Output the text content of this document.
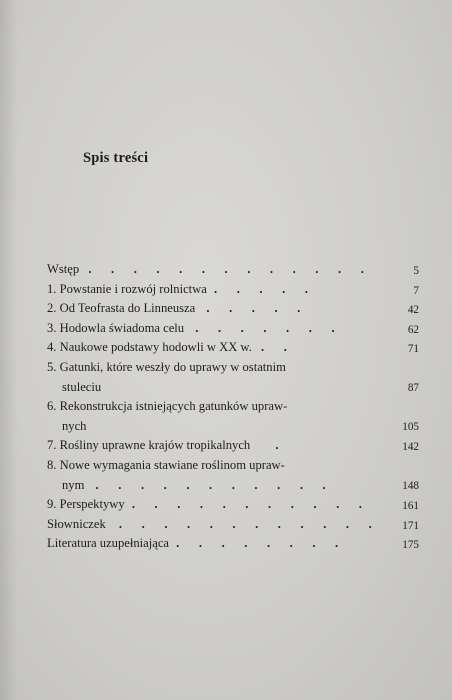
Spis treści
Wstęp . . . . . . . . . . . . .	5
1. Powstanie i rozwój rolnictwa . . . . .	7
2. Od Teofrasta do Linneusza . . . . .	42
3. Hodowla świadoma celu . . . . . . .	62
4. Naukowe podstawy hodowli w XX w. . .	71
5. Gatunki, które weszły do uprawy w ostatnim
stuleciu	87
6. Rekonstrukcja istniejących gatunków upraw-
nych	105
7. Rośliny uprawne krajów tropikalnych .	142
8. Nowe wymagania stawiane roślinom upraw-
nym . . . . . . . . . . .	148
9. Perspektywy . . . . . . . . . . .	161
Słowniczek . . . . . . . . . . . . 171
Literatura uzupełniająca . . . . . . . .	175
